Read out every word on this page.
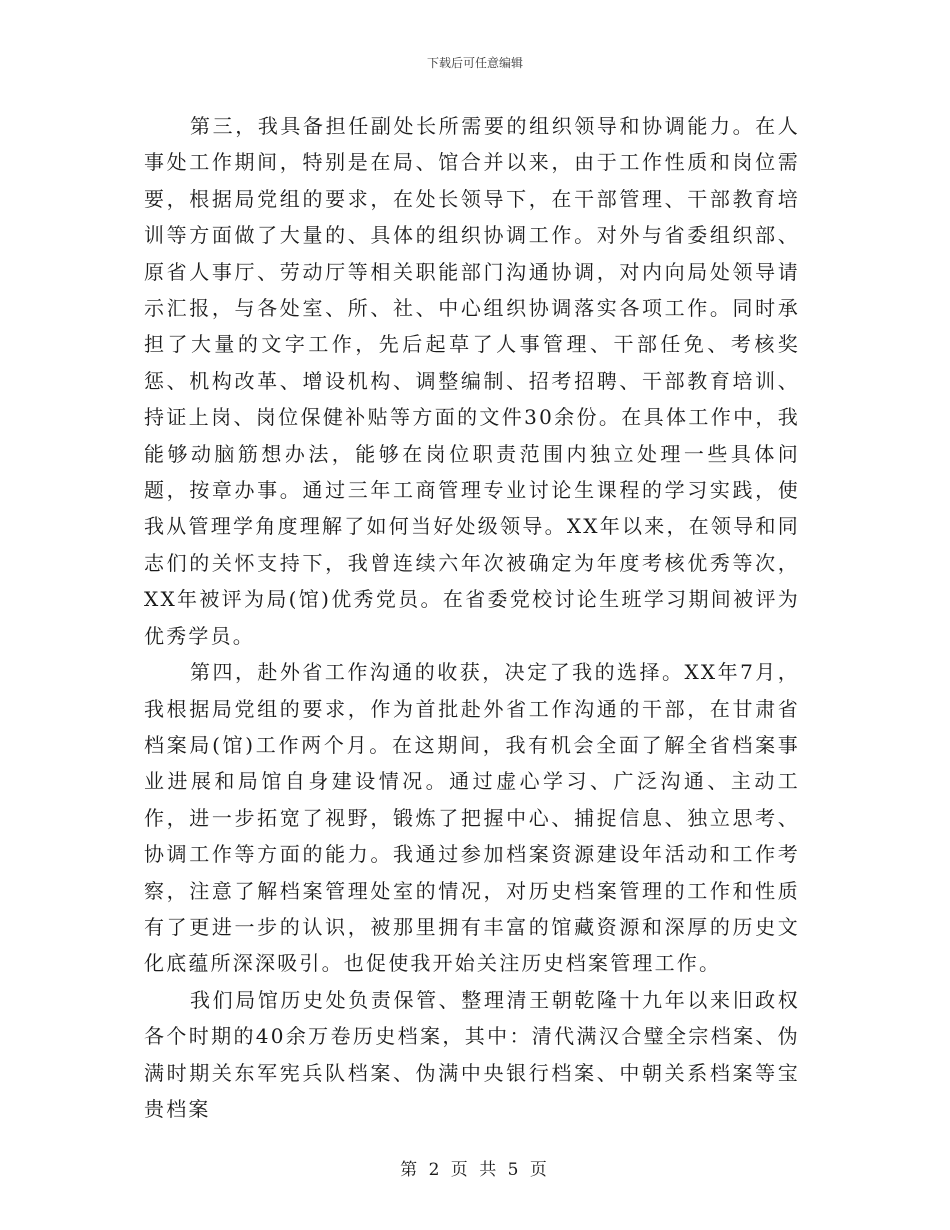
下载后可任意编辑

第三，我具备担任副处长所需要的组织领导和协调能力。在人事处工作期间，特别是在局、馆合并以来，由于工作性质和岗位需要，根据局党组的要求，在处长领导下，在干部管理、干部教育培训等方面做了大量的、具体的组织协调工作。对外与省委组织部、原省人事厅、劳动厅等相关职能部门沟通协调，对内向局处领导请示汇报，与各处室、所、社、中心组织协调落实各项工作。同时承担了大量的文字工作，先后起草了人事管理、干部任免、考核奖惩、机构改革、增设机构、调整编制、招考招聘、干部教育培训、持证上岗、岗位保健补贴等方面的文件30余份。在具体工作中，我能够动脑筋想办法，能够在岗位职责范围内独立处理一些具体问题，按章办事。通过三年工商管理专业讨论生课程的学习实践，使我从管理学角度理解了如何当好处级领导。XX年以来，在领导和同志们的关怀支持下，我曾连续六年次被确定为年度考核优秀等次，XX年被评为局(馆)优秀党员。在省委党校讨论生班学习期间被评为优秀学员。

第四，赴外省工作沟通的收获，决定了我的选择。XX年7月，我根据局党组的要求，作为首批赴外省工作沟通的干部，在甘肃省档案局(馆)工作两个月。在这期间，我有机会全面了解全省档案事业进展和局馆自身建设情况。通过虚心学习、广泛沟通、主动工作，进一步拓宽了视野，锻炼了把握中心、捕捉信息、独立思考、协调工作等方面的能力。我通过参加档案资源建设年活动和工作考察，注意了解档案管理处室的情况，对历史档案管理的工作和性质有了更进一步的认识，被那里拥有丰富的馆藏资源和深厚的历史文化底蕴所深深吸引。也促使我开始关注历史档案管理工作。

我们局馆历史处负责保管、整理清王朝乾隆十九年以来旧政权各个时期的40余万卷历史档案，其中：清代满汉合璧全宗档案、伪满时期关东军宪兵队档案、伪满中央银行档案、中朝关系档案等宝贵档案

第 2 页 共 5 页
